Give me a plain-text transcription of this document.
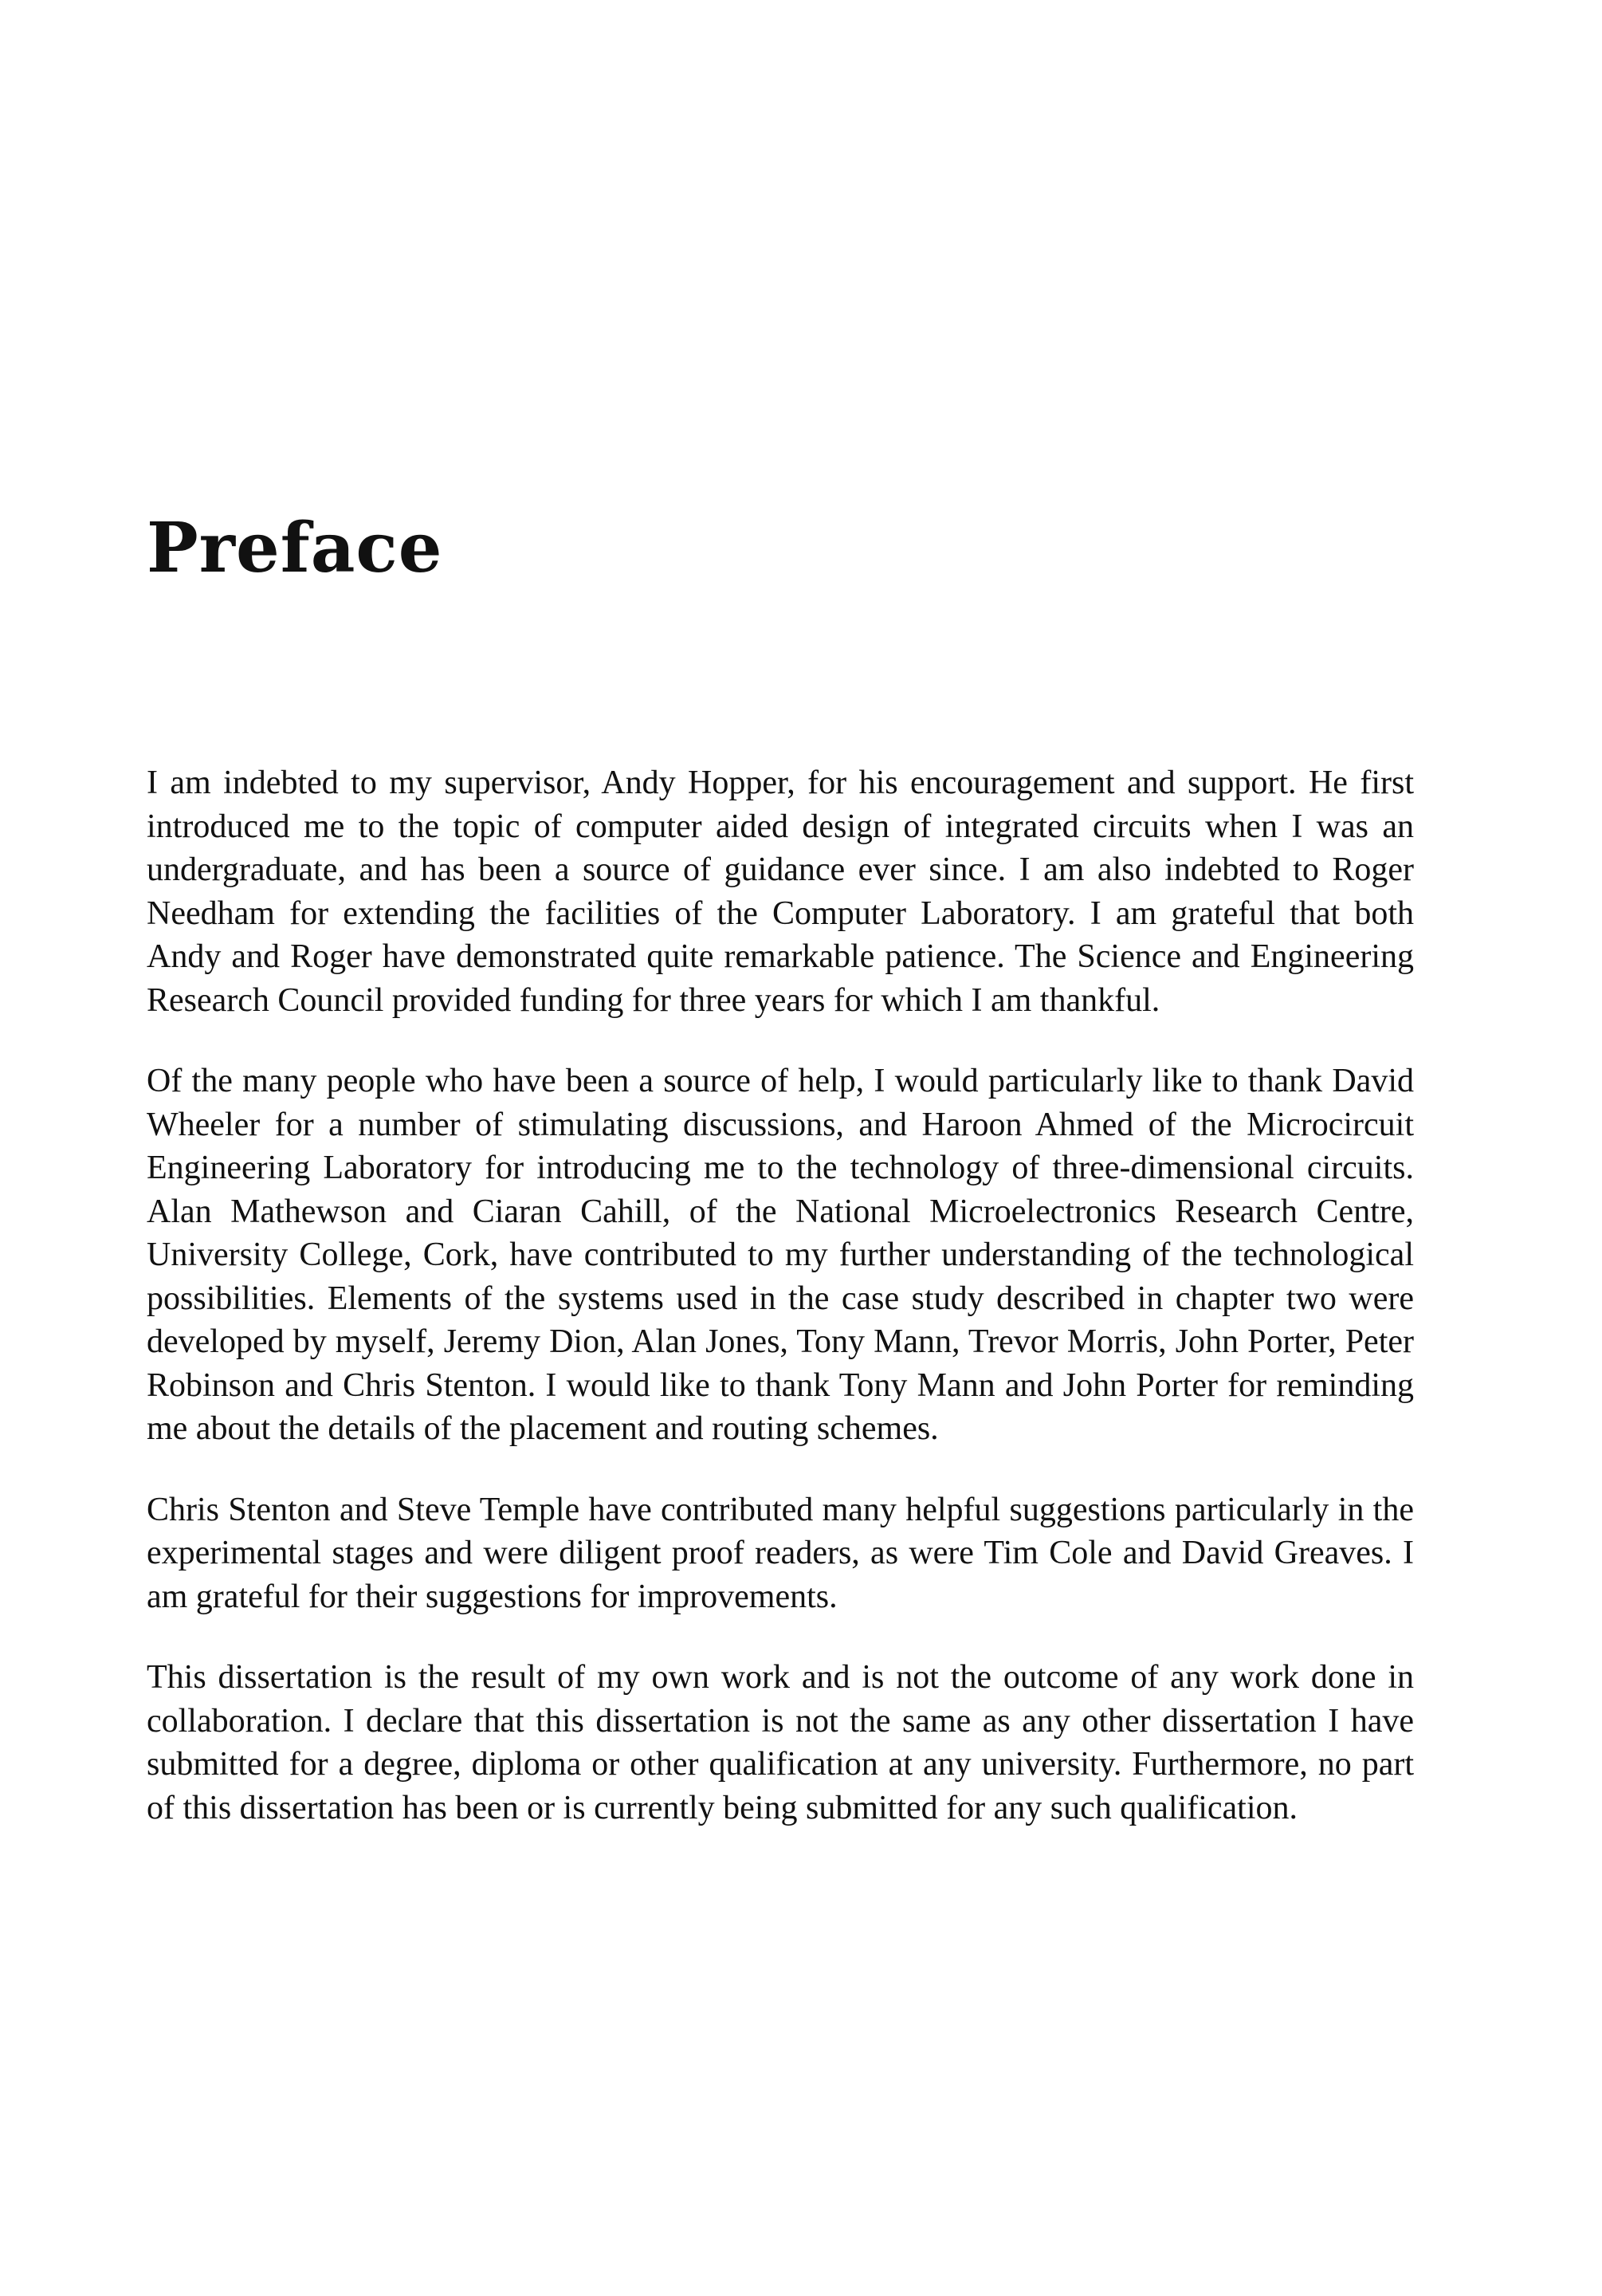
Preface

I am indebted to my supervisor, Andy Hopper, for his encouragement and support. He first introduced me to the topic of computer aided design of integrated circuits when I was an undergraduate, and has been a source of guidance ever since. I am also indebted to Roger Needham for extending the facilities of the Computer Laboratory. I am grateful that both Andy and Roger have demonstrated quite remarkable patience. The Science and Engineering Research Council provided funding for three years for which I am thankful.

Of the many people who have been a source of help, I would particularly like to thank David Wheeler for a number of stimulating discussions, and Haroon Ahmed of the Microcircuit Engineering Laboratory for introducing me to the technology of three-dimensional circuits. Alan Mathewson and Ciaran Cahill, of the National Microelectronics Research Centre, University College, Cork, have contributed to my further understanding of the technological possibilities. Elements of the systems used in the case study described in chapter two were developed by myself, Jeremy Dion, Alan Jones, Tony Mann, Trevor Morris, John Porter, Peter Robinson and Chris Stenton. I would like to thank Tony Mann and John Porter for reminding me about the details of the placement and routing schemes.

Chris Stenton and Steve Temple have contributed many helpful suggestions particularly in the experimental stages and were diligent proof readers, as were Tim Cole and David Greaves. I am grateful for their suggestions for improvements.

This dissertation is the result of my own work and is not the outcome of any work done in collaboration. I declare that this dissertation is not the same as any other dissertation I have submitted for a degree, diploma or other qualification at any university. Furthermore, no part of this dissertation has been or is currently being submitted for any such qualification.
